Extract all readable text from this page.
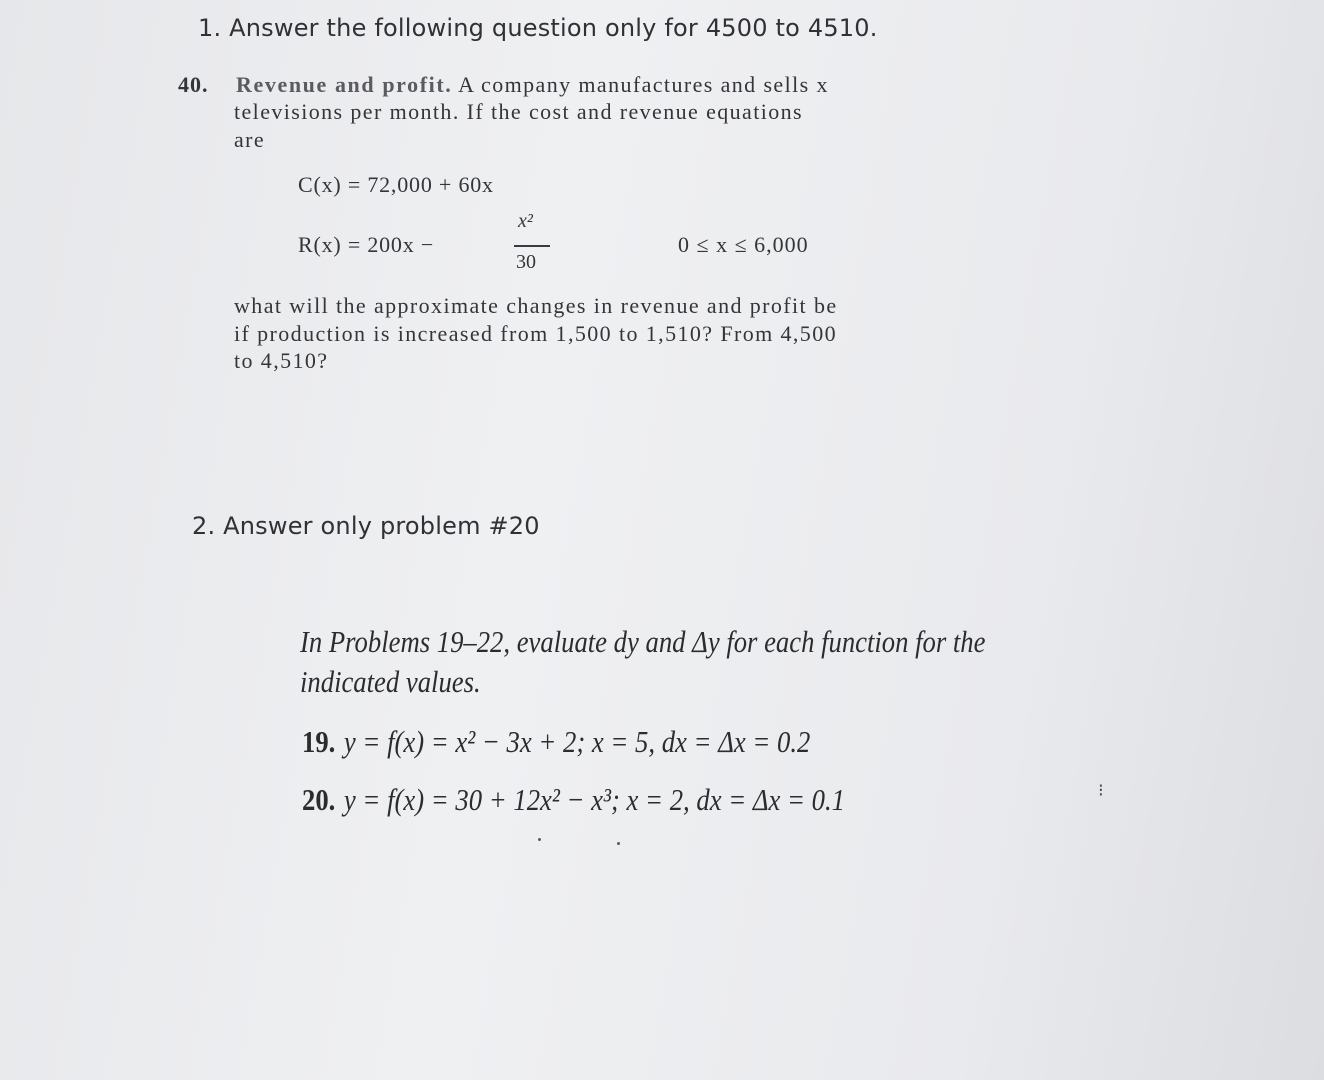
1. Answer the following question only for 4500 to 4510.
40. Revenue and profit. A company manufactures and sells x
televisions per month. If the cost and revenue equations
are
C(x) = 72,000 + 60x
R(x) = 200x −
x²
30
0 ≤ x ≤ 6,000
what will the approximate changes in revenue and profit be
if production is increased from 1,500 to 1,510? From 4,500
to 4,510?
2. Answer only problem #20
In Problems 19–22, evaluate dy and Δy for each function for the
indicated values.
19. y = f(x) = x² − 3x + 2; x = 5, dx = Δx = 0.2
20. y = f(x) = 30 + 12x² − x³; x = 2, dx = Δx = 0.1	⁝
